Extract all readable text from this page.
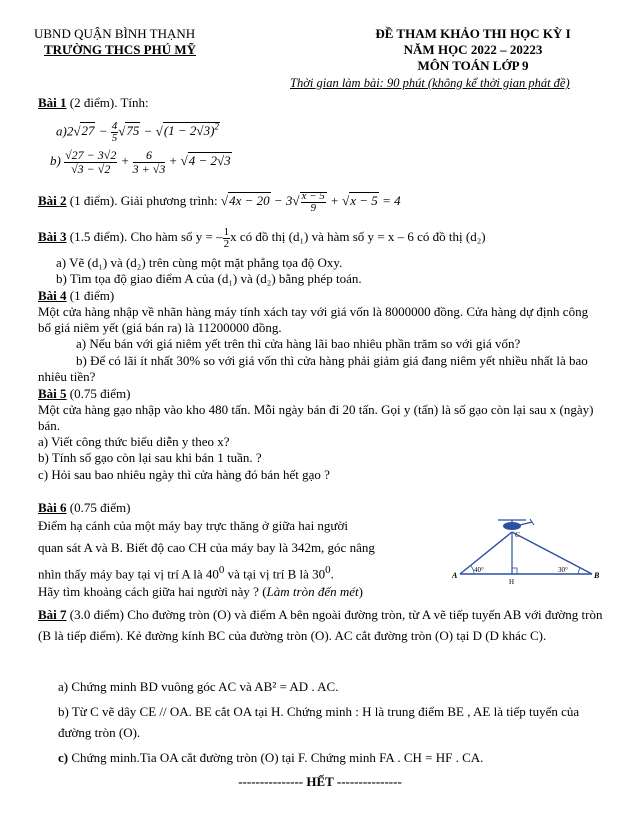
UBND QUẬN BÌNH THẠNH
TRƯỜNG THCS PHÚ MỸ
ĐỀ THAM KHẢO THI HỌC KỲ I
NĂM HỌC 2022 – 20223
MÔN TOÁN LỚP 9
Thời gian làm bài: 90 phút (không kể thời gian phát đề)
Bài 1 (2 điểm). Tính:
$a)2√27 - \frac{4}{5} √75 - √(1 - 2√3)^2$
$b) \frac{√27 - 3√2}{√3 - √2} + \frac{6}{3 + √3} + √4 - 2√3$
Bài 2 (1 điểm). Giải phương trình: $√4x - 20 - 3√ \frac{x - 5}{9} + √x - 5 = 4$
Bài 3 (1.5 điểm). Cho hàm số y = – $\frac{1}{2}$ x có đồ thị (d₁) và hàm số y = x – 6 có đồ thị (d₂)
a) Vẽ (d₁) và (d₂) trên cùng một mặt phẳng tọa độ Oxy.
b) Tìm tọa độ giao điểm A của (d₁) và (d₂) bằng phép toán.
Bài 4 (1 điểm)
Một cửa hàng nhập về nhãn hàng máy tính xách tay với giá vốn là 8000000 đồng. Cửa hàng dự định công bố giá niêm yết (giá bán ra) là 11200000 đồng.
a) Nếu bán với giá niêm yết trên thì cửa hàng lãi bao nhiêu phần trăm so với giá vốn?
b) Để có lãi ít nhất 30% so với giá vốn thì cửa hàng phải giảm giá đang niêm yết nhiều nhất là bao nhiêu tiền?
Bài 5 (0.75 điểm)
Một cửa hàng gạo nhập vào kho 480 tấn. Mỗi ngày bán đi 20 tấn. Gọi y (tấn) là số gạo còn lại sau x (ngày) bán.
a) Viết công thức biểu diễn y theo x?
b) Tính số gạo còn lại sau khi bán 1 tuần. ?
c) Hỏi sau bao nhiêu ngày thì cửa hàng đó bán hết gạo ?
Bài 6 (0.75 điểm)
Điểm hạ cánh của một máy bay trực thăng ở giữa hai người
quan sát A và B. Biết độ cao CH của máy bay là 342m, góc nâng
nhìn thấy máy bay tại vị trí A là $40^0$ và tại vị trí B là $30^0$.
Hãy tìm khoảng cách giữa hai người này ? (Làm tròn đến mét)
A	B
C
H
40°	30°
Bài 7 (3.0 điểm) Cho đường tròn (O) và điểm A bên ngoài đường tròn, từ A vẽ tiếp tuyến AB với đường tròn (B là tiếp điểm). Kẻ đường kính BC của đường tròn (O). AC cắt đường tròn (O) tại D (D khác C).
a) Chứng minh BD vuông góc AC và AB² = AD . AC.
b) Từ C vẽ dây CE // OA. BE cắt OA tại H. Chứng minh : H là trung điểm BE , AE là tiếp tuyến của đường tròn (O).
c) Chứng minh.Tia OA cắt đường tròn (O) tại F. Chứng minh FA . CH = HF . CA.
--------------- HẾT ---------------
